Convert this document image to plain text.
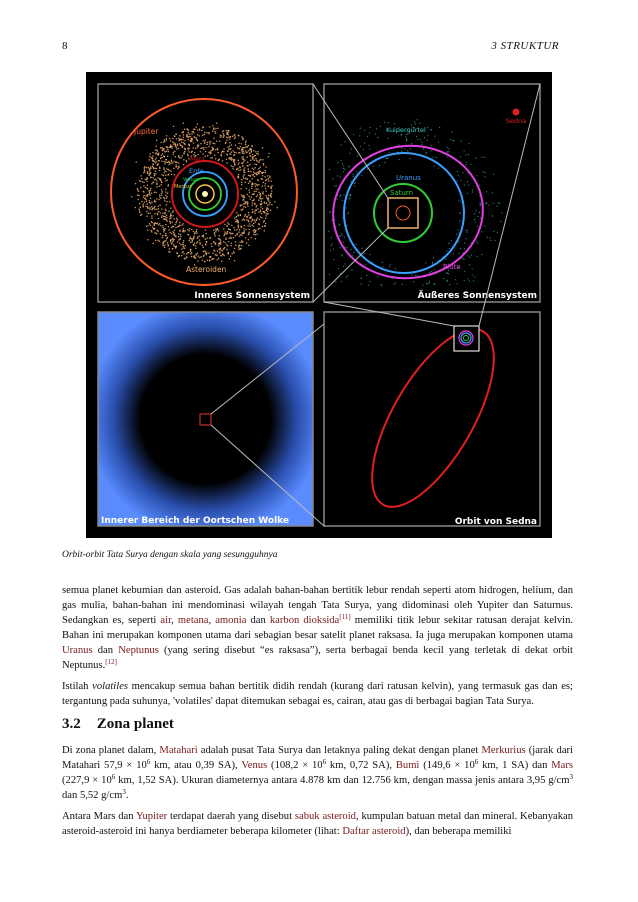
8	3 STRUKTUR
Jupiter
Mars
Erde
Venus
Merkur
Asteroiden
Inneres Sonnensystem
Sedna
Kuipergürtel
Uranus
Saturn
Pluto
Äußeres Sonnensystem
Innerer Bereich der Oortschen Wolke	Orbit von Sedna
Orbit-orbit Tata Surya dengan skala yang sesungguhnya

semua planet kebumian dan asteroid. Gas adalah bahan-bahan bertitik lebur rendah seperti atom hidrogen, helium, dan gas mulia, bahan-bahan ini mendominasi wilayah tengah Tata Surya, yang didominasi oleh Yupiter dan Saturnus. Sedangkan es, seperti air, metana, amonia dan karbon dioksida[11] memiliki titik lebur sekitar ratusan derajat kelvin. Bahan ini merupakan komponen utama dari sebagian besar satelit planet raksasa. Ia juga merupakan komponen utama Uranus dan Neptunus (yang sering disebut “es raksasa”), serta berbagai benda kecil yang terletak di dekat orbit Neptunus.[12]

Istilah volatiles mencakup semua bahan bertitik didih rendah (kurang dari ratusan kelvin), yang termasuk gas dan es; tergantung pada suhunya, 'volatiles' dapat ditemukan sebagai es, cairan, atau gas di berbagai bagian Tata Surya.

3.2 Zona planet

Di zona planet dalam, Matahari adalah pusat Tata Surya dan letaknya paling dekat dengan planet Merkurius (jarak dari Matahari $57,9 \times 10^6$ km, atau 0,39 SA), Venus ($108,2 \times 10^6$ km, 0,72 SA), Bumi ($149,6 \times 10^6$ km, 1 SA) dan Mars ($227,9 \times 10^6$ km, 1,52 SA). Ukuran diameternya antara 4.878 km dan 12.756 km, dengan massa jenis antara 3,95 $g/cm^3$ dan 5,52 $g/cm^3$.

Antara Mars dan Yupiter terdapat daerah yang disebut sabuk asteroid, kumpulan batuan metal dan mineral. Kebanyakan asteroid-asteroid ini hanya berdiameter beberapa kilometer (lihat: Daftar asteroid), dan beberapa memiliki
